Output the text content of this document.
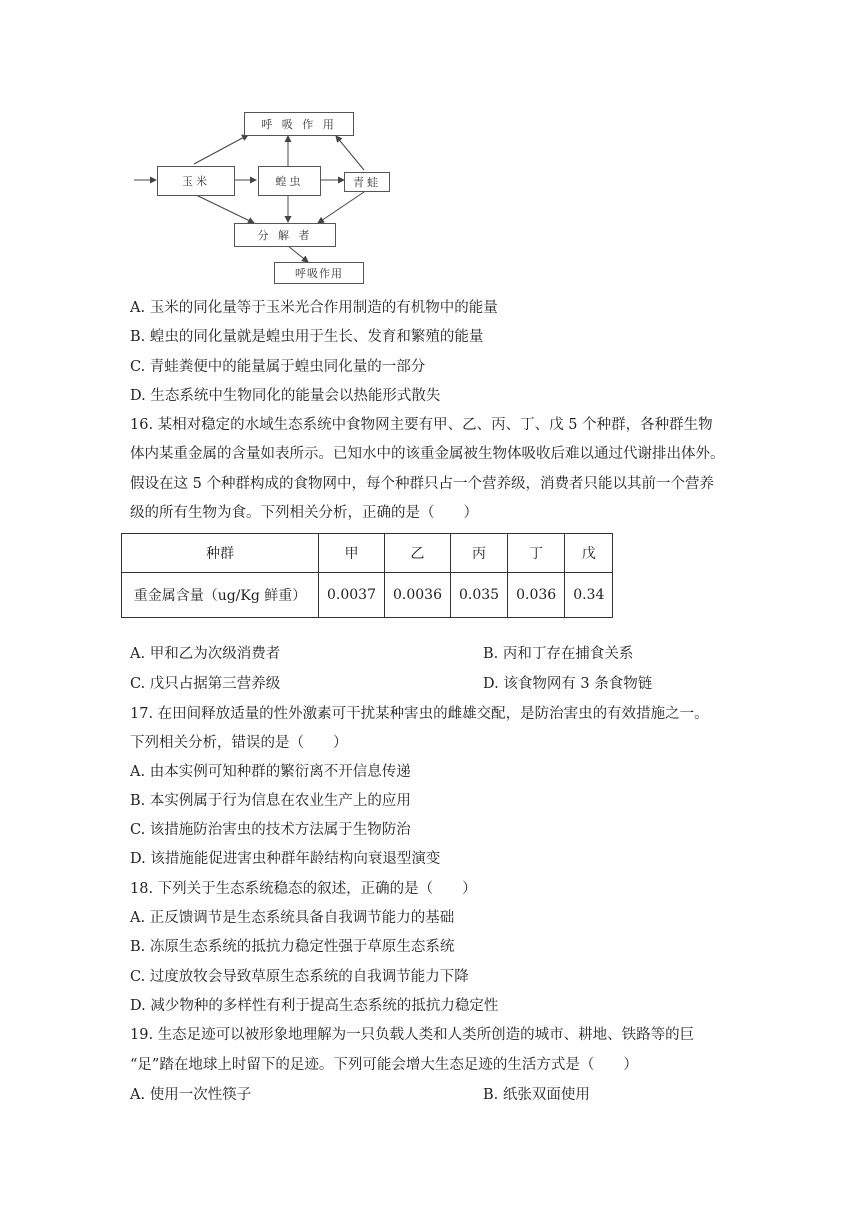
呼 吸 作 用
玉米	蝗虫	青蛙
分 解 者
呼吸作用
A. 玉米的同化量等于玉米光合作用制造的有机物中的能量
B. 蝗虫的同化量就是蝗虫用于生长、发育和繁殖的能量
C. 青蛙粪便中的能量属于蝗虫同化量的一部分
D. 生态系统中生物同化的能量会以热能形式散失
16. 某相对稳定的水域生态系统中食物网主要有甲、乙、丙、丁、戊 5 个种群，各种群生物
体内某重金属的含量如表所示。已知水中的该重金属被生物体吸收后难以通过代谢排出体外。
假设在这 5 个种群构成的食物网中，每个种群只占一个营养级，消费者只能以其前一个营养
级的所有生物为食。下列相关分析，正确的是（　　）
种群	甲	乙	丙	丁	戊
重金属含量（ug/Kg 鲜重）	0.0037	0.0036	0.035	0.036	0.34
A. 甲和乙为次级消费者	B. 丙和丁存在捕食关系
C. 戊只占据第三营养级	D. 该食物网有 3 条食物链
17. 在田间释放适量的性外激素可干扰某种害虫的雌雄交配，是防治害虫的有效措施之一。
下列相关分析，错误的是（　　）
A. 由本实例可知种群的繁衍离不开信息传递
B. 本实例属于行为信息在农业生产上的应用
C. 该措施防治害虫的技术方法属于生物防治
D. 该措施能促进害虫种群年龄结构向衰退型演变
18. 下列关于生态系统稳态的叙述，正确的是（　　）
A. 正反馈调节是生态系统具备自我调节能力的基础
B. 冻原生态系统的抵抗力稳定性强于草原生态系统
C. 过度放牧会导致草原生态系统的自我调节能力下降
D. 减少物种的多样性有利于提高生态系统的抵抗力稳定性
19. 生态足迹可以被形象地理解为一只负载人类和人类所创造的城市、耕地、铁路等的巨
“足”踏在地球上时留下的足迹。下列可能会增大生态足迹的生活方式是（　　）
A. 使用一次性筷子	B. 纸张双面使用
